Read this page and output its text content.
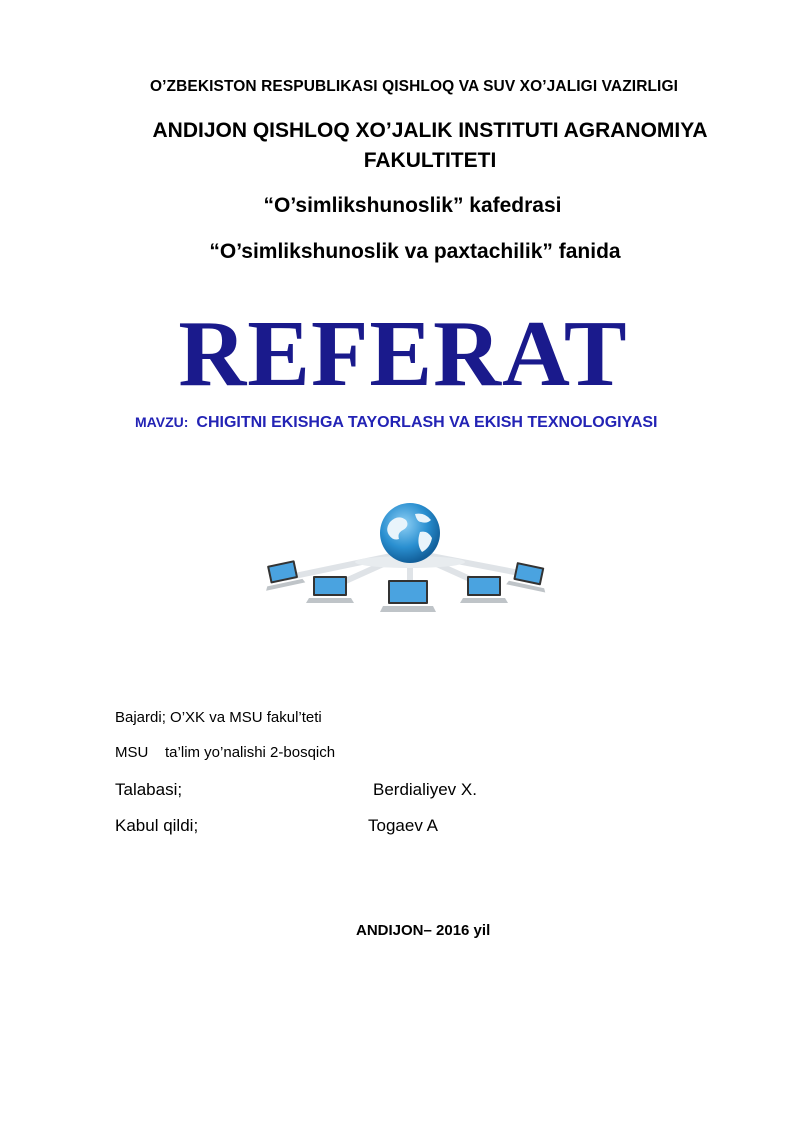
O’ZBEKISTON RESPUBLIKASI QISHLOQ VA SUV XO’JALIGI VAZIRLIGI
ANDIJON QISHLOQ XO’JALIK INSTITUTI AGRANOMIYA FAKULTITETI
“O’simlikshunoslik” kafedrasi
“O’simlikshunoslik va paxtachilik” fanida
REFERAT
MAVZU: CHIGITNI EKISHGA TAYORLASH VA EKISH TEXNOLOGIYASI
Bajardi; O’XK va MSU fakul’teti
MSU ta’lim yo’nalishi 2-bosqich
Talabasi;	Berdialiyev X.
Kabul qildi;	Togaev A
ANDIJON– 2016 yil
